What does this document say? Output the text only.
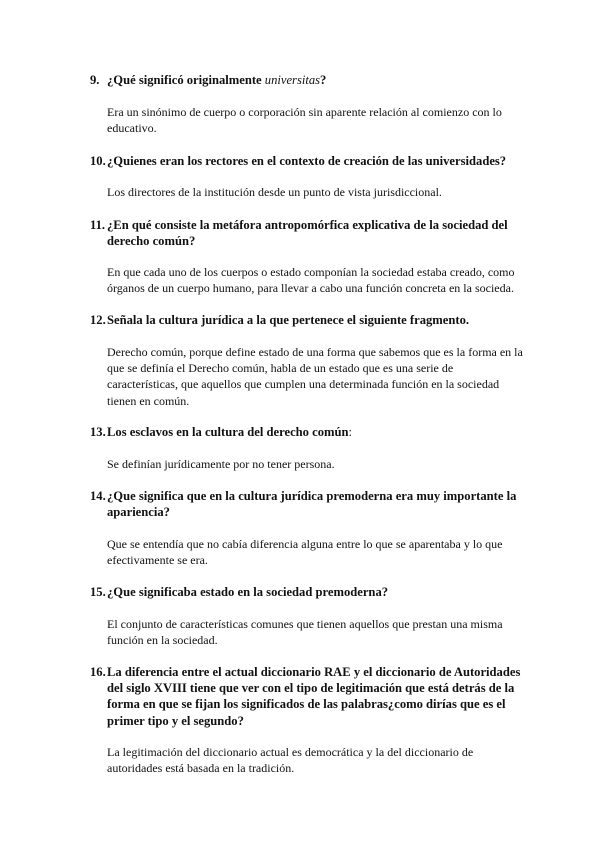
9. ¿Qué significó originalmente universitas?
Era un sinónimo de cuerpo o corporación sin aparente relación al comienzo con lo educativo.
10. ¿Quienes eran los rectores en el contexto de creación de las universidades?
Los directores de la institución desde un punto de vista jurisdiccional.
11. ¿En qué consiste la metáfora antropomórfica explicativa de la sociedad del derecho común?
En que cada uno de los cuerpos o estado componían la sociedad estaba creado, como órganos de un cuerpo humano, para llevar a cabo una función concreta en la socieda.
12. Señala la cultura jurídica a la que pertenece el siguiente fragmento.
Derecho común, porque define estado de una forma que sabemos que es la forma en la que se definía el Derecho común, habla de un estado que es una serie de características, que aquellos que cumplen una determinada función en la sociedad tienen en común.
13. Los esclavos en la cultura del derecho común:
Se definían jurídicamente por no tener persona.
14. ¿Que significa que en la cultura jurídica premoderna era muy importante la apariencia?
Que se entendía que no cabía diferencia alguna entre lo que se aparentaba y lo que efectivamente se era.
15. ¿Que significaba estado en la sociedad premoderna?
El conjunto de características comunes que tienen aquellos que prestan una misma función en la sociedad.
16. La diferencia entre el actual diccionario RAE y el diccionario de Autoridades del siglo XVIII tiene que ver con el tipo de legitimación que está detrás de la forma en que se fijan los significados de las palabras¿como dirías que es el primer tipo y el segundo?
La legitimación del diccionario actual es democrática y la del diccionario de autoridades está basada en la tradición.
